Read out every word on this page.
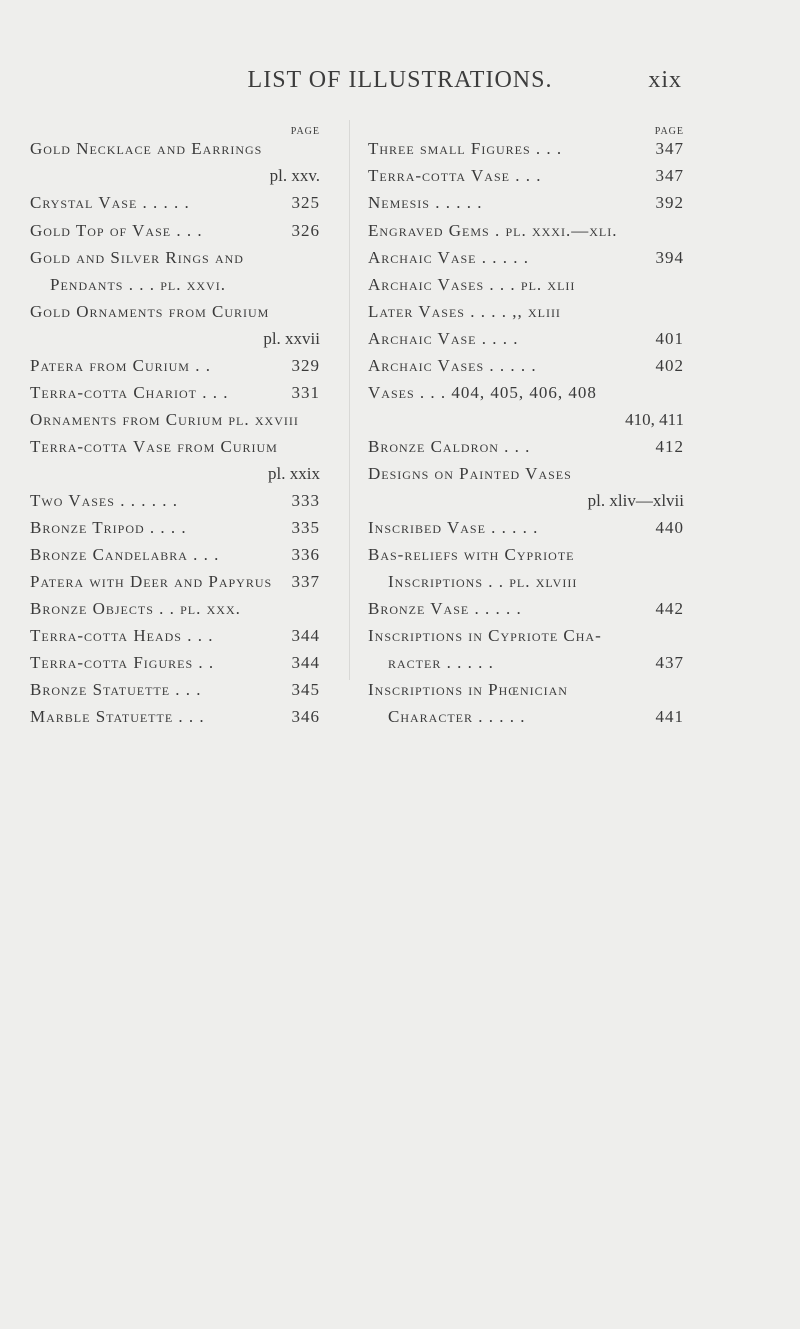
LIST OF ILLUSTRATIONS.	xix
PAGE
Gold Necklace and Earrings
pl. xxv.
Crystal Vase . . . . .	325
Gold Top of Vase . . .	326
Gold and Silver Rings and
Pendants . . . pl. xxvi.
Gold Ornaments from Curium
pl. xxvii
Patera from Curium . .	329
Terra-cotta Chariot . . .	331
Ornaments from Curium pl. xxviii
Terra-cotta Vase from Curium
pl. xxix
Two Vases . . . . . .	333
Bronze Tripod . . . .	335
Bronze Candelabra . . .	336
Patera with Deer and Papyrus 337
Bronze Objects . . pl. xxx.
Terra-cotta Heads . . .	344
Terra-cotta Figures . .	344
Bronze Statuette . . .	345
Marble Statuette . . .	346
PAGE
Three small Figures . . .	347
Terra-cotta Vase . . .	347
Nemesis . . . . .	392
Engraved Gems . pl. xxxi.—xli.
Archaic Vase . . . . .	394
Archaic Vases . . . pl. xlii
Later Vases . . . . ,, xliii
Archaic Vase . . . .	401
Archaic Vases . . . . .	402
Vases . . . 404, 405, 406, 408
410, 411
Bronze Caldron . . .	412
Designs on Painted Vases
pl. xliv—xlvii
Inscribed Vase . . . . .	440
Bas-reliefs with Cypriote
Inscriptions . . pl. xlviii
Bronze Vase . . . . .	442
Inscriptions in Cypriote Cha-
racter . . . . .	437
Inscriptions in Phœnician
Character . . . . .	441
